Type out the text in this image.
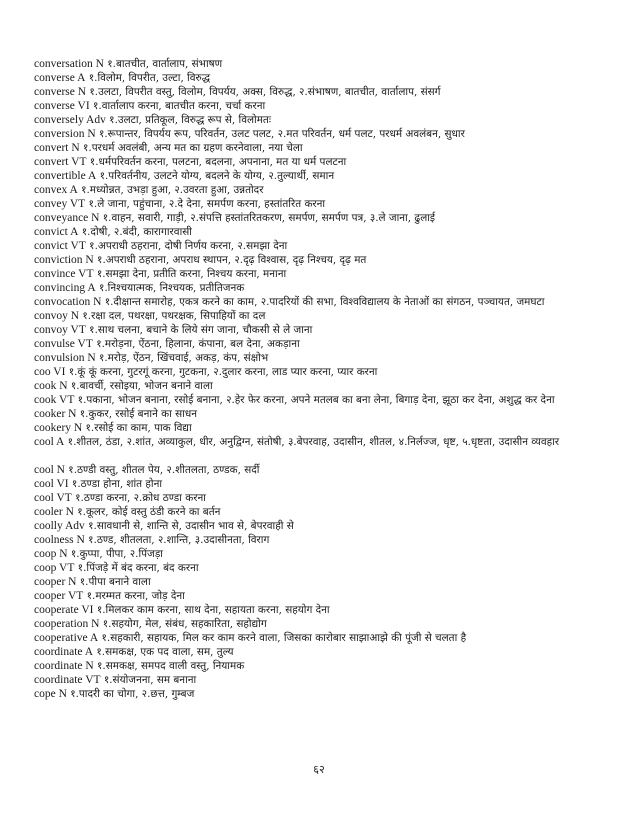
conversation N १.बातचीत, वार्तालाप, संभाषण
converse A १.विलोम, विपरीत, उल्टा, विरुद्ध
converse N १.उलटा, विपरीत वस्तु, विलोम, विपर्यय, अक्स, विरुद्ध, २.संभाषण, बातचीत, वार्तालाप, संसर्ग
converse VI १.वार्तालाप करना, बातचीत करना, चर्चा करना
conversely Adv १.उलटा, प्रतिकूल, विरुद्ध रूप से, विलोमतः
conversion N १.रूपान्तर, विपर्यय रूप, परिवर्तन, उलट पलट, २.मत परिवर्तन, धर्म पलट, परधर्म अवलंबन, सुधार
convert N १.परधर्म अवलंबी, अन्य मत का ग्रहण करनेवाला, नया चेला
convert VT १.धर्मपरिवर्तन करना, पलटना, बदलना, अपनाना, मत या धर्म पलटना
convertible A १.परिवर्तनीय, उलटने योग्य, बदलने के योग्य, २.तुल्यार्थी, समान
convex A १.मध्योन्नत, उभड़ा हुआ, २.उवरता हुआ, उन्नतोदर
convey VT १.ले जाना, पहुंचाना, २.दे देना, समर्पण करना, हस्तांतरित करना
conveyance N १.वाहन, सवारी, गाड़ी, २.संपत्ति हस्तांतरितकरण, समर्पण, समर्पण पत्र, ३.ले जाना, ढुलाई
convict A १.दोषी, २.बंदी, कारागारवासी
convict VT १.अपराधी ठहराना, दोषी निर्णय करना, २.समझा देना
conviction N १.अपराधी ठहराना, अपराध स्थापन, २.दृढ़ विश्वास, दृढ़ निश्चय, दृढ़ मत
convince VT १.समझा देना, प्रतीति करना, निश्चय करना, मनाना
convincing A १.निश्चयात्मक, निश्चयक, प्रतीतिजनक
convocation N १.दीक्षान्त समारोह, एकत्र करने का काम, २.पादरियों की सभा, विश्वविद्यालय के नेताओं का संगठन, पञ्चायत, जमघटा
convoy N १.रक्षा दल, पथरक्षा, पथरक्षक, सिपाहियों का दल
convoy VT १.साथ चलना, बचाने के लिये संग जाना, चौकसी से ले जाना
convulse VT १.मरोड़ना, ऐंठना, हिलाना, कंपाना, बल देना, अकड़ाना
convulsion N १.मरोड़, ऐंठन, खिंचवाई, अकड़, कंप, संक्षोभ
coo VI १.कूं कूं करना, गुटरगूं करना, गुटकना, २.दुलार करना, लाड प्यार करना, प्यार करना
cook N १.बावर्ची, रसोइया, भोजन बनाने वाला
cook VT १.पकाना, भोजन बनाना, रसोई बनाना, २.हेर फेर करना, अपने मतलब का बना लेना, बिगाड़ देना, झूठा कर देना, अशुद्ध कर देना
cooker N १.कुकर, रसोई बनाने का साधन
cookery N १.रसोई का काम, पाक विद्या
cool A १.शीतल, ठंडा, २.शांत, अव्याकुल, धीर, अनुद्विग्न, संतोषी, ३.बेपरवाह, उदासीन, शीतल, ४.निर्लज्ज, धृष्ट, ५.धृष्टता, उदासीन व्यवहार
cool N १.ठण्डी वस्तु, शीतल पेय, २.शीतलता, ठण्डक, सर्दी
cool VI १.ठण्डा होना, शांत होना
cool VT १.ठण्डा करना, २.क्रोध ठण्डा करना
cooler N १.कूलर, कोई वस्तु ठंडी करने का बर्तन
coolly Adv १.सावधानी से, शान्ति से, उदासीन भाव से, बेपरवाही से
coolness N १.ठण्ड, शीतलता, २.शान्ति, ३.उदासीनता, विराग
coop N १.कुप्पा, पीपा, २.पिंजड़ा
coop VT १.पिंजड़े में बंद करना, बंद करना
cooper N १.पीपा बनाने वाला
cooper VT १.मरम्मत करना, जोड़ देना
cooperate VI १.मिलकर काम करना, साथ देना, सहायता करना, सहयोग देना
cooperation N १.सहयोग, मेल, संबंध, सहकारिता, सहोद्योग
cooperative A १.सहकारी, सहायक, मिल कर काम करने वाला, जिसका कारोबार साझाआझे की पूंजी से चलता है
coordinate A १.समकक्ष, एक पद वाला, सम, तुल्य
coordinate N १.समकक्ष, समपद वाली वस्तु, नियामक
coordinate VT १.संयोजनना, सम बनाना
cope N १.पादरी का चोगा, २.छत्त, गुम्बज
६२
